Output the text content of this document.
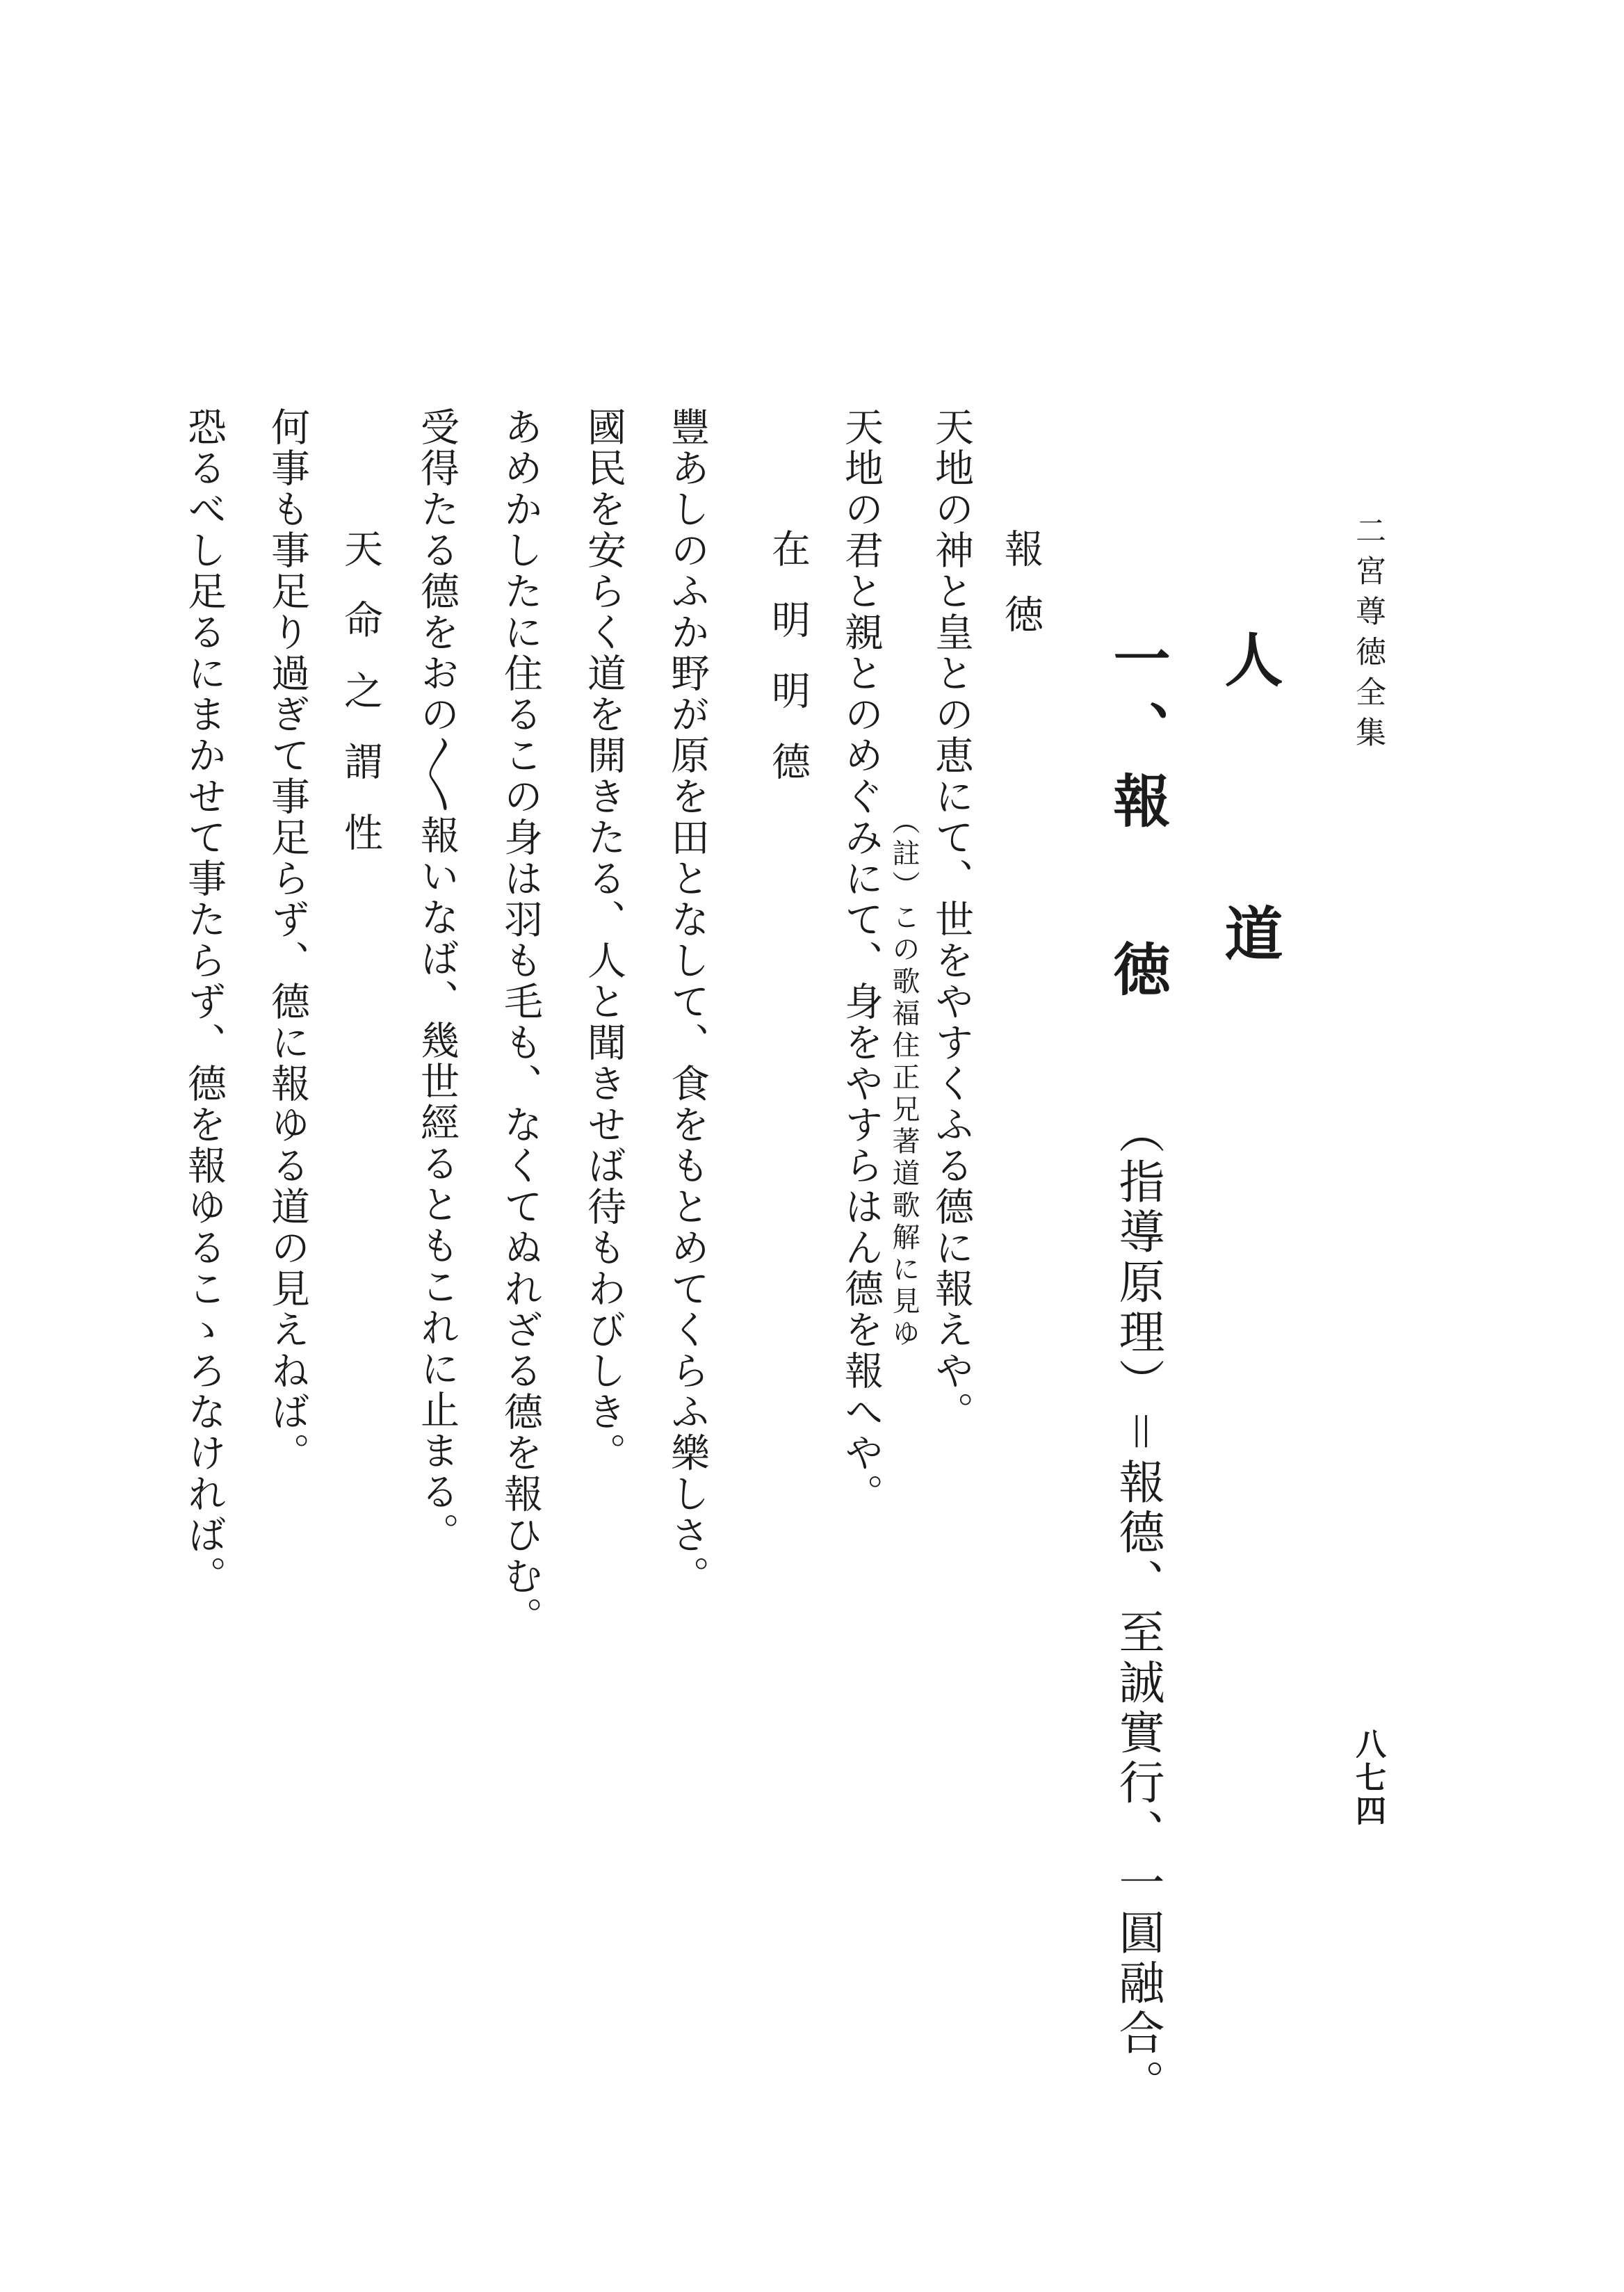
二宮尊徳全集
八七四
人道
一、報徳（指導原理）＝報德、至誠實行、一圓融合。
報徳
天地の神と皇との恵にて、世をやすくふる德に報えや。
（註）この歌福住正兄著道歌解に見ゆ
天地の君と親とのめぐみにて、身をやすらはん德を報へや。
在明明德
豐あしのふか野が原を田となして、食をもとめてくらふ樂しさ。
國民を安らく道を開きたる、人と聞きせば待もわびしき。
あめかしたに住るこの身は羽も毛も、なくてぬれざる德を報ひむ。
受得たる德をおの〳〵報いなば、幾世經るともこれに止まる。
天命之謂性
何事も事足り過ぎて事足らず、德に報ゆる道の見えねば。
恐るべし足るにまかせて事たらず、德を報ゆるこゝろなければ。
